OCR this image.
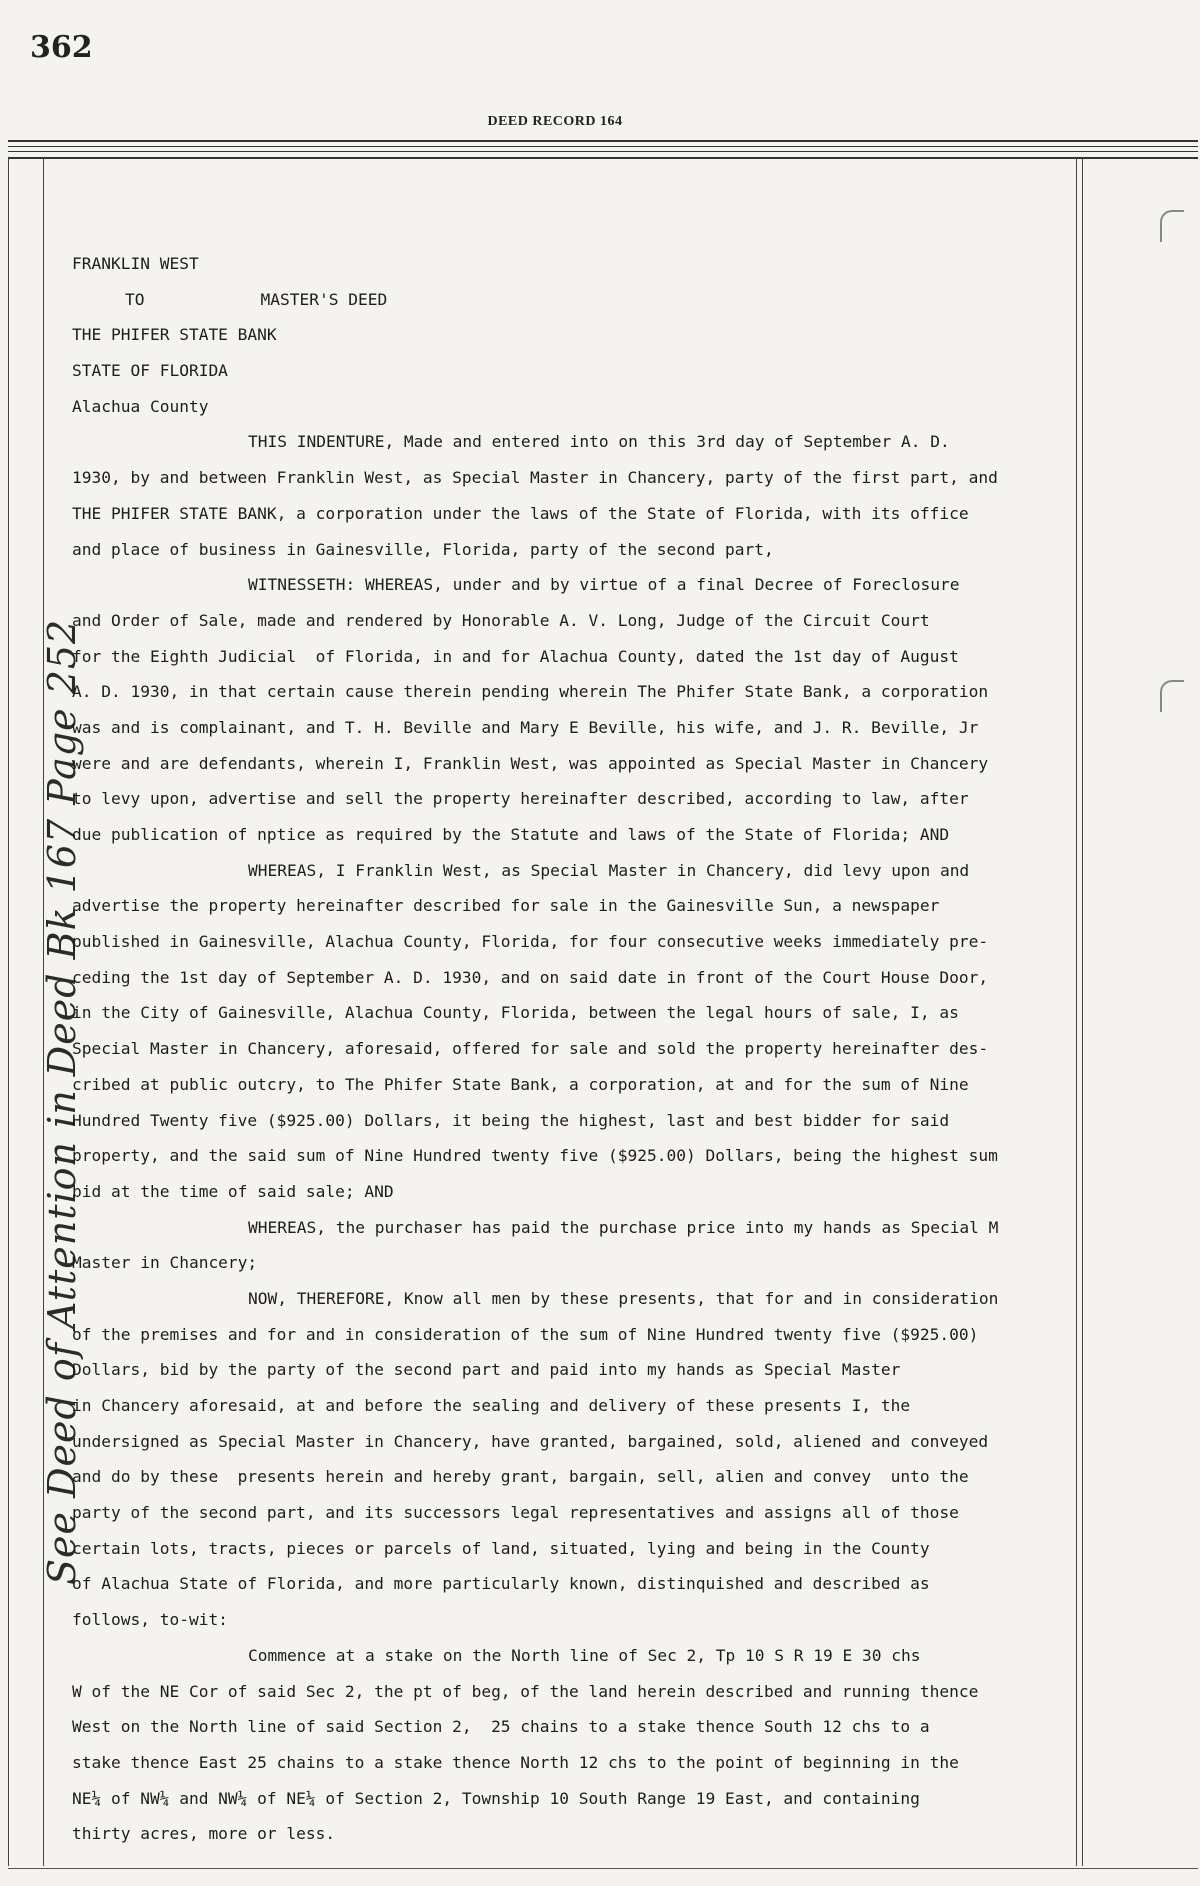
362
DEED RECORD 164
See Deed of Attention in Deed Bk 167 Page 252
FRANKLIN WEST
TO	MASTER'S DEED
THE PHIFER STATE BANK
STATE OF FLORIDA
Alachua County
THIS INDENTURE, Made and entered into on this 3rd day of September A. D.
1930, by and between Franklin West, as Special Master in Chancery, party of the first part, and
THE PHIFER STATE BANK, a corporation under the laws of the State of Florida, with its office
and place of business in Gainesville, Florida, party of the second part,
WITNESSETH: WHEREAS, under and by virtue of a final Decree of Foreclosure
and Order of Sale, made and rendered by Honorable A. V. Long, Judge of the Circuit Court
for the Eighth Judicial  of Florida, in and for Alachua County, dated the 1st day of August
A. D. 1930, in that certain cause therein pending wherein The Phifer State Bank, a corporation
was and is complainant, and T. H. Beville and Mary E Beville, his wife, and J. R. Beville, Jr
were and are defendants, wherein I, Franklin West, was appointed as Special Master in Chancery
to levy upon, advertise and sell the property hereinafter described, according to law, after
due publication of nptice as required by the Statute and laws of the State of Florida; AND
WHEREAS, I Franklin West, as Special Master in Chancery, did levy upon and
advertise the property hereinafter described for sale in the Gainesville Sun, a newspaper
published in Gainesville, Alachua County, Florida, for four consecutive weeks immediately pre-
ceding the 1st day of September A. D. 1930, and on said date in front of the Court House Door,
in the City of Gainesville, Alachua County, Florida, between the legal hours of sale, I, as
Special Master in Chancery, aforesaid, offered for sale and sold the property hereinafter des-
cribed at public outcry, to The Phifer State Bank, a corporation, at and for the sum of Nine
Hundred Twenty five ($925.00) Dollars, it being the highest, last and best bidder for said
property, and the said sum of Nine Hundred twenty five ($925.00) Dollars, being the highest sum
bid at the time of said sale; AND
WHEREAS, the purchaser has paid the purchase price into my hands as Special M
Master in Chancery;
NOW, THEREFORE, Know all men by these presents, that for and in consideration
of the premises and for and in consideration of the sum of Nine Hundred twenty five ($925.00)
Dollars, bid by the party of the second part and paid into my hands as Special Master
in Chancery aforesaid, at and before the sealing and delivery of these presents I, the
undersigned as Special Master in Chancery, have granted, bargained, sold, aliened and conveyed
and do by these  presents herein and hereby grant, bargain, sell, alien and convey  unto the
party of the second part, and its successors legal representatives and assigns all of those
certain lots, tracts, pieces or parcels of land, situated, lying and being in the County
of Alachua State of Florida, and more particularly known, distinquished and described as
follows, to-wit:
Commence at a stake on the North line of Sec 2, Tp 10 S R 19 E 30 chs
W of the NE Cor of said Sec 2, the pt of beg, of the land herein described and running thence
West on the North line of said Section 2,  25 chains to a stake thence South 12 chs to a
stake thence East 25 chains to a stake thence North 12 chs to the point of beginning in the
NE¼ of NW¼ and NW¼ of NE¼ of Section 2, Township 10 South Range 19 East, and containing
thirty acres, more or less.
